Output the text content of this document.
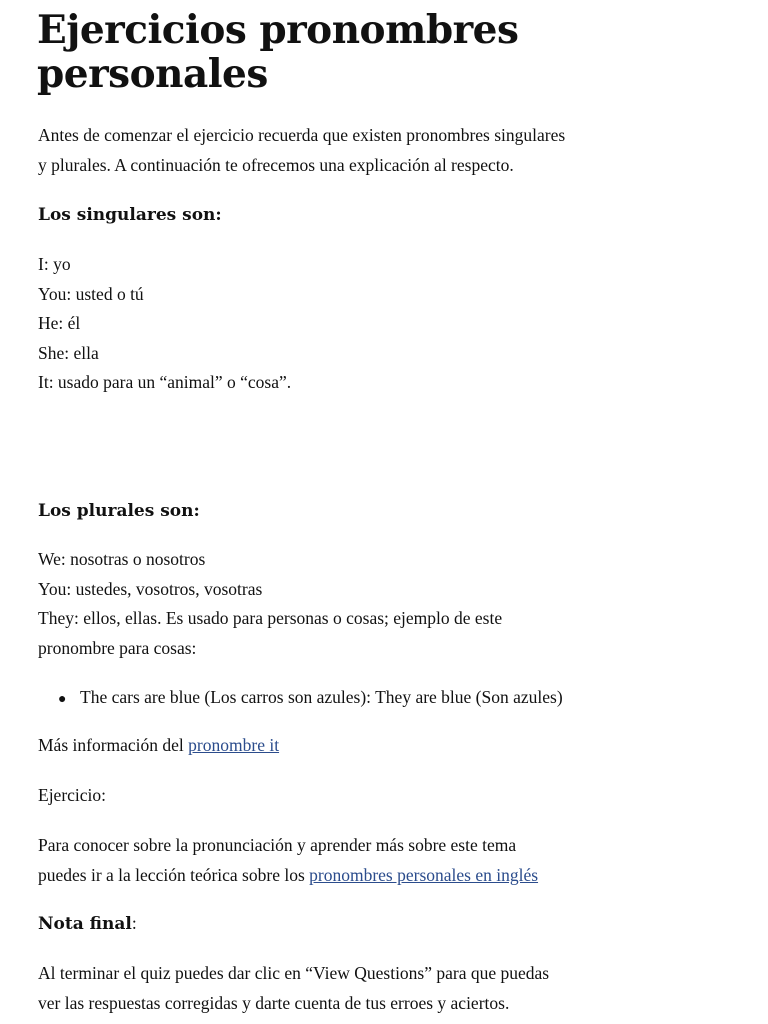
Ejercicios pronombres personales

Antes de comenzar el ejercicio recuerda que existen pronombres singulares
y plurales. A continuación te ofrecemos una explicación al respecto.

Los singulares son:

I: yo
You: usted o tú
He: él
She: ella
It: usado para un “animal” o “cosa”.

Los plurales son:

We: nosotras o nosotros
You: ustedes, vosotros, vosotras
They: ellos, ellas. Es usado para personas o cosas; ejemplo de este
pronombre para cosas:

● The cars are blue (Los carros son azules): They are blue (Son azules)

Más información del pronombre it

Ejercicio:

Para conocer sobre la pronunciación y aprender más sobre este tema
puedes ir a la lección teórica sobre los pronombres personales en inglés

Nota final:

Al terminar el quiz puedes dar clic en “View Questions” para que puedas
ver las respuestas corregidas y darte cuenta de tus erroes y aciertos.
